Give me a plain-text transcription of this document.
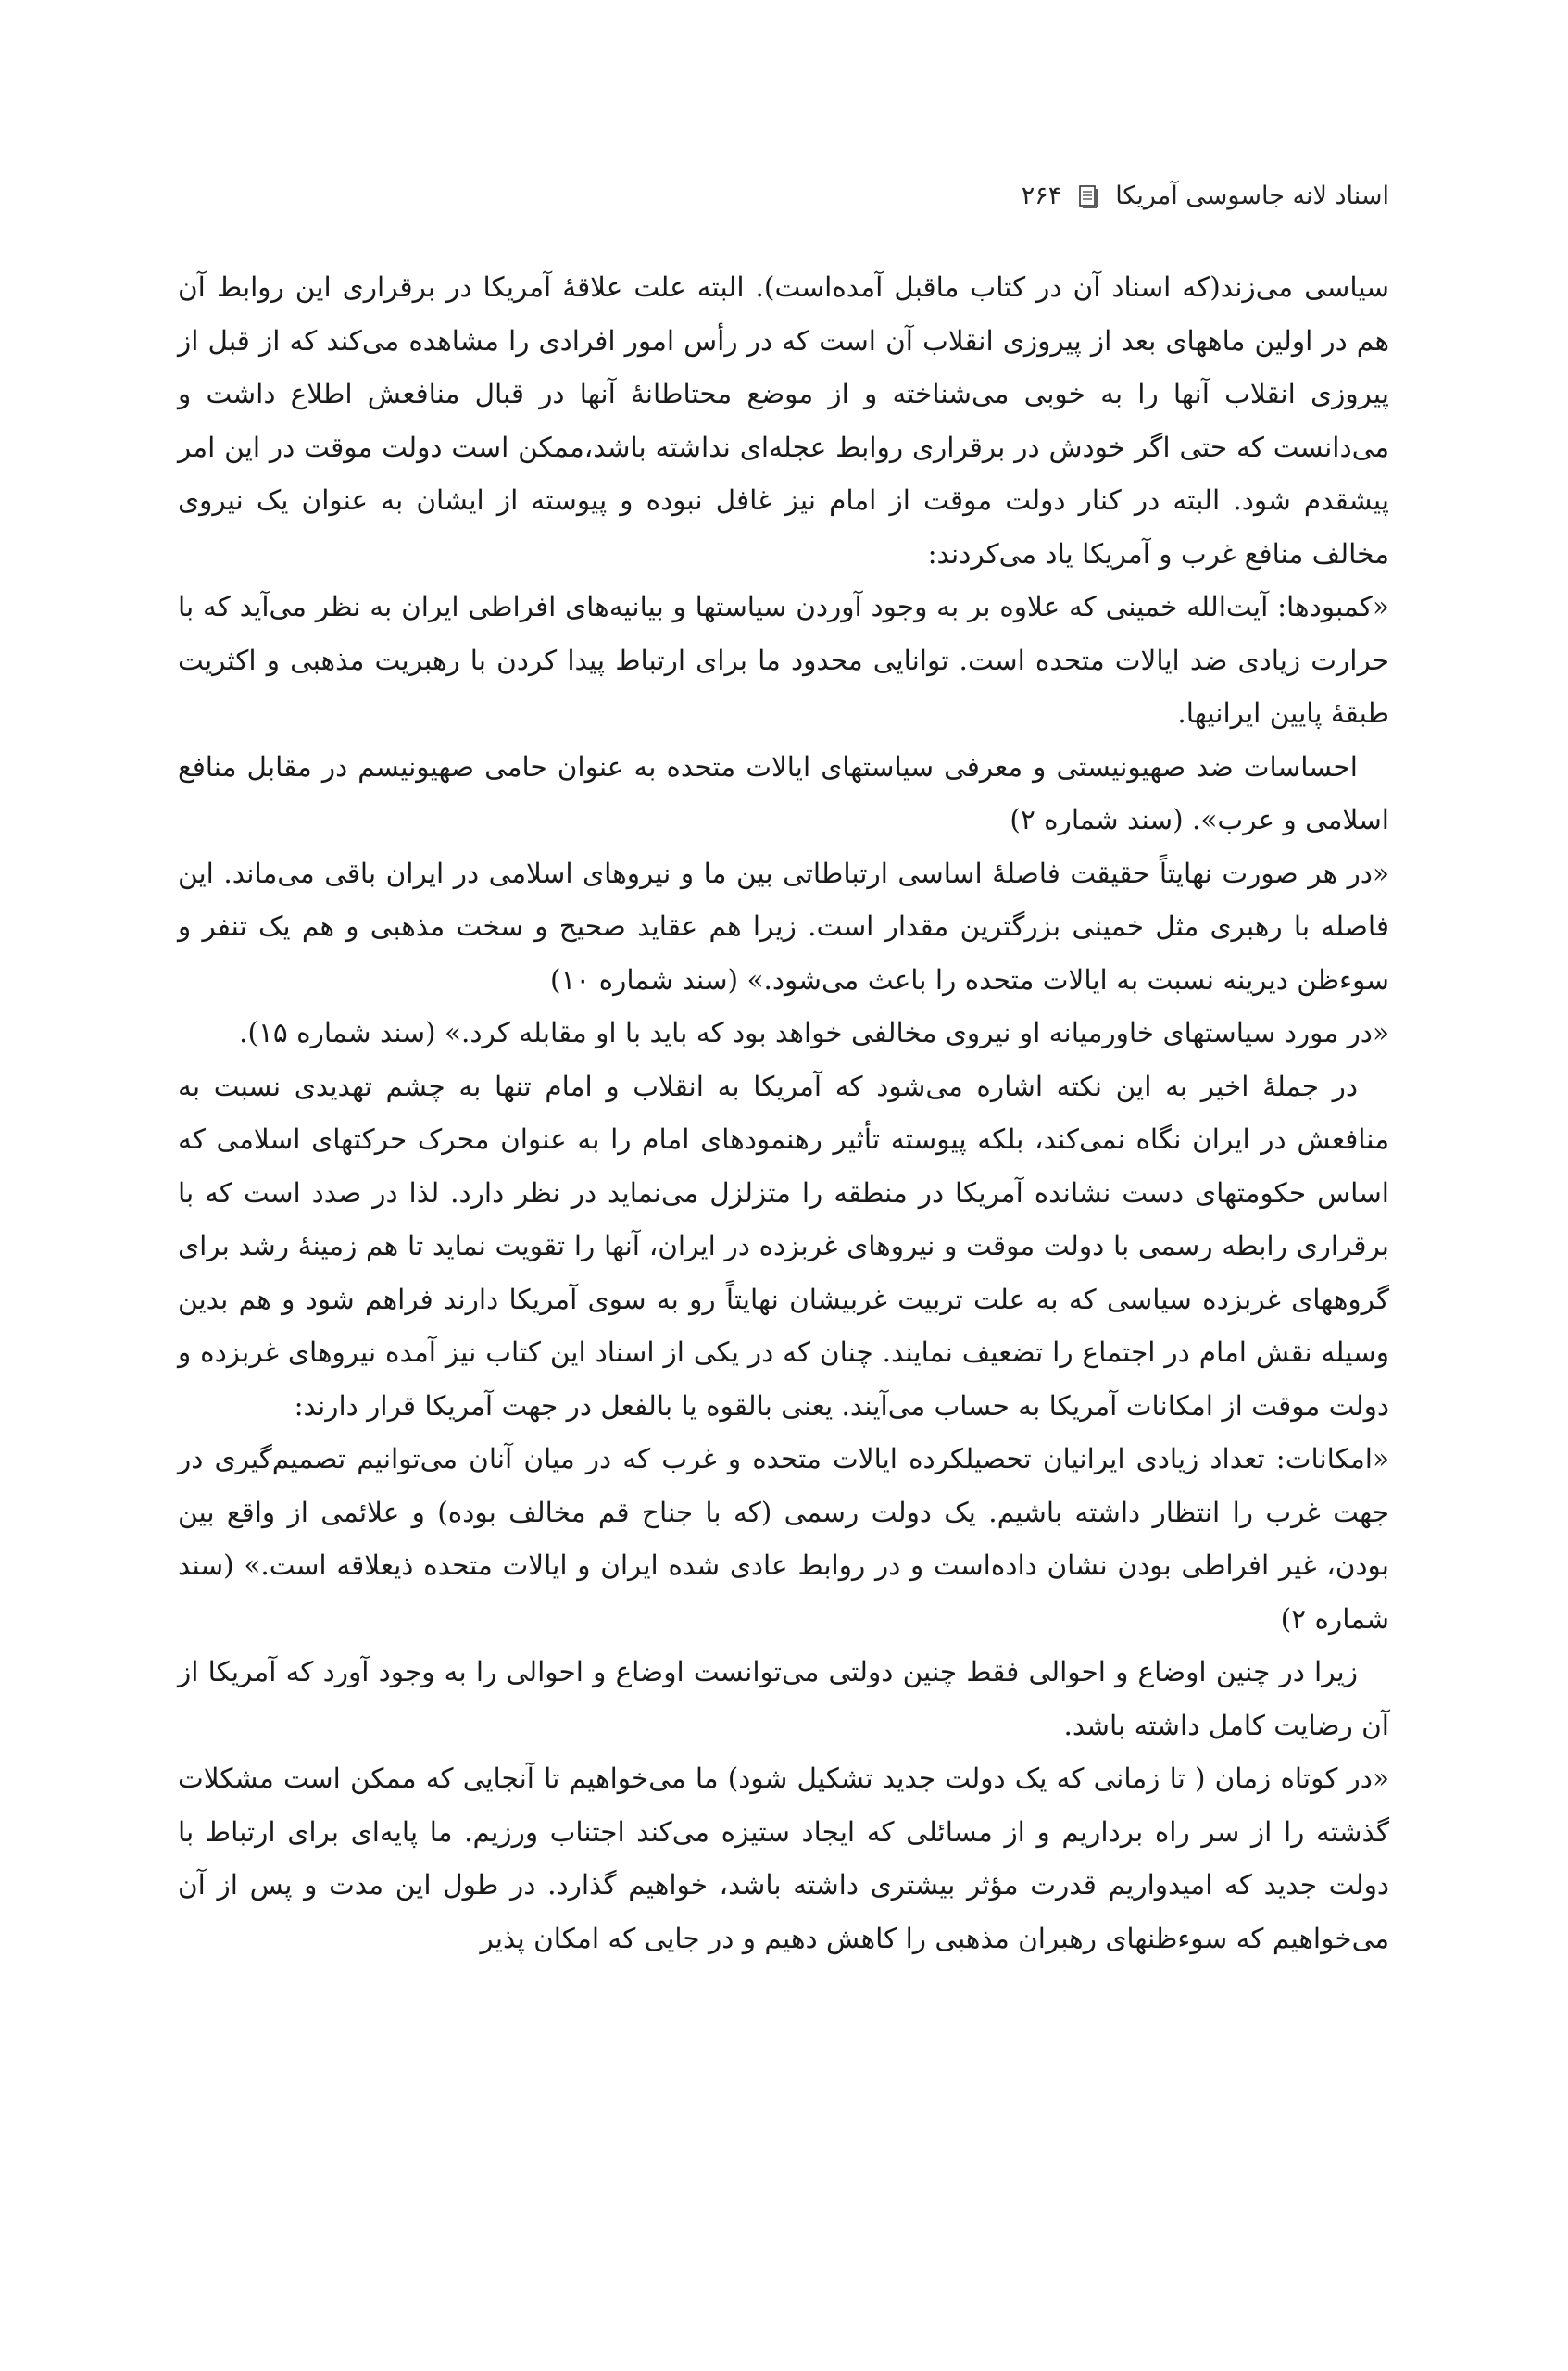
اسناد لانه جاسوسی آمریکا
۲۶۴

سیاسی می‌زند(که اسناد آن در کتاب ماقبل آمده‌است). البته علت علاقهٔ آمریکا در برقراری این روابط آن هم در اولین ماههای بعد از پیروزی انقلاب آن است که در رأس امور افرادی را مشاهده می‌کند که از قبل از پیروزی انقلاب آنها را به خوبی می‌شناخته و از موضع محتاطانهٔ آنها در قبال منافعش اطلاع داشت و می‌دانست که حتی اگر خودش در برقراری روابط عجله‌ای نداشته باشد،ممکن است دولت موقت در این امر پیشقدم شود. البته در کنار دولت موقت از امام نیز غافل نبوده و پیوسته از ایشان به عنوان یک نیروی مخالف منافع غرب و آمریکا یاد می‌کردند:

«کمبودها: آیت‌الله خمینی که علاوه بر به وجود آوردن سیاستها و بیانیه‌های افراطی ایران به نظر می‌آید که با حرارت زیادی ضد ایالات متحده است. توانایی محدود ما برای ارتباط پیدا کردن با رهبریت مذهبی و اکثریت طبقهٔ پایین ایرانیها.

احساسات ضد صهیونیستی و معرفی سیاستهای ایالات متحده به عنوان حامی صهیونیسم در مقابل منافع اسلامی و عرب». (سند شماره ۲)

«در هر صورت نهایتاً حقیقت فاصلهٔ اساسی ارتباطاتی بین ما و نیروهای اسلامی در ایران باقی می‌ماند. این فاصله با رهبری مثل خمینی بزرگترین مقدار است. زیرا هم عقاید صحیح و سخت مذهبی و هم یک تنفر و سوءظن دیرینه نسبت به ایالات متحده را باعث می‌شود.» (سند شماره ۱۰)

«در مورد سیاستهای خاورمیانه او نیروی مخالفی خواهد بود که باید با او مقابله کرد.» (سند شماره ۱۵).

در جملهٔ اخیر به این نکته اشاره می‌شود که آمریکا به انقلاب و امام تنها به چشم تهدیدی نسبت به منافعش در ایران نگاه نمی‌کند، بلکه پیوسته تأثیر رهنمودهای امام را به عنوان محرک حرکتهای اسلامی که اساس حکومتهای دست نشانده آمریکا در منطقه را متزلزل می‌نماید در نظر دارد. لذا در صدد است که با برقراری رابطه رسمی با دولت موقت و نیروهای غربزده در ایران، آنها را تقویت نماید تا هم زمینهٔ رشد برای گروههای غربزده سیاسی که به علت تربیت غربیشان نهایتاً رو به سوی آمریکا دارند فراهم شود و هم بدین وسیله نقش امام در اجتماع را تضعیف نمایند. چنان که در یکی از اسناد این کتاب نیز آمده نیروهای غربزده و دولت موقت از امکانات آمریکا به حساب می‌آیند. یعنی بالقوه یا بالفعل در جهت آمریکا قرار دارند:

«امکانات: تعداد زیادی ایرانیان تحصیلکرده ایالات متحده و غرب که در میان آنان می‌توانیم تصمیم‌گیری در جهت غرب را انتظار داشته باشیم. یک دولت رسمی (که با جناح قم مخالف بوده) و علائمی از واقع بین بودن، غیر افراطی بودن نشان داده‌است و در روابط عادی شده ایران و ایالات متحده ذیعلاقه است.» (سند شماره ۲)

زیرا در چنین اوضاع و احوالی فقط چنین دولتی می‌توانست اوضاع و احوالی را به وجود آورد که آمریکا از آن رضایت کامل داشته باشد.

«در کوتاه زمان ( تا زمانی که یک دولت جدید تشکیل شود) ما می‌خواهیم تا آنجایی که ممکن است مشکلات گذشته را از سر راه برداریم و از مسائلی که ایجاد ستیزه می‌کند اجتناب ورزیم. ما پایه‌ای برای ارتباط با دولت جدید که امیدواریم قدرت مؤثر بیشتری داشته باشد، خواهیم گذارد. در طول این مدت و پس از آن می‌خواهیم که سوءظنهای رهبران مذهبی را کاهش دهیم و در جایی که امکان پذیر
